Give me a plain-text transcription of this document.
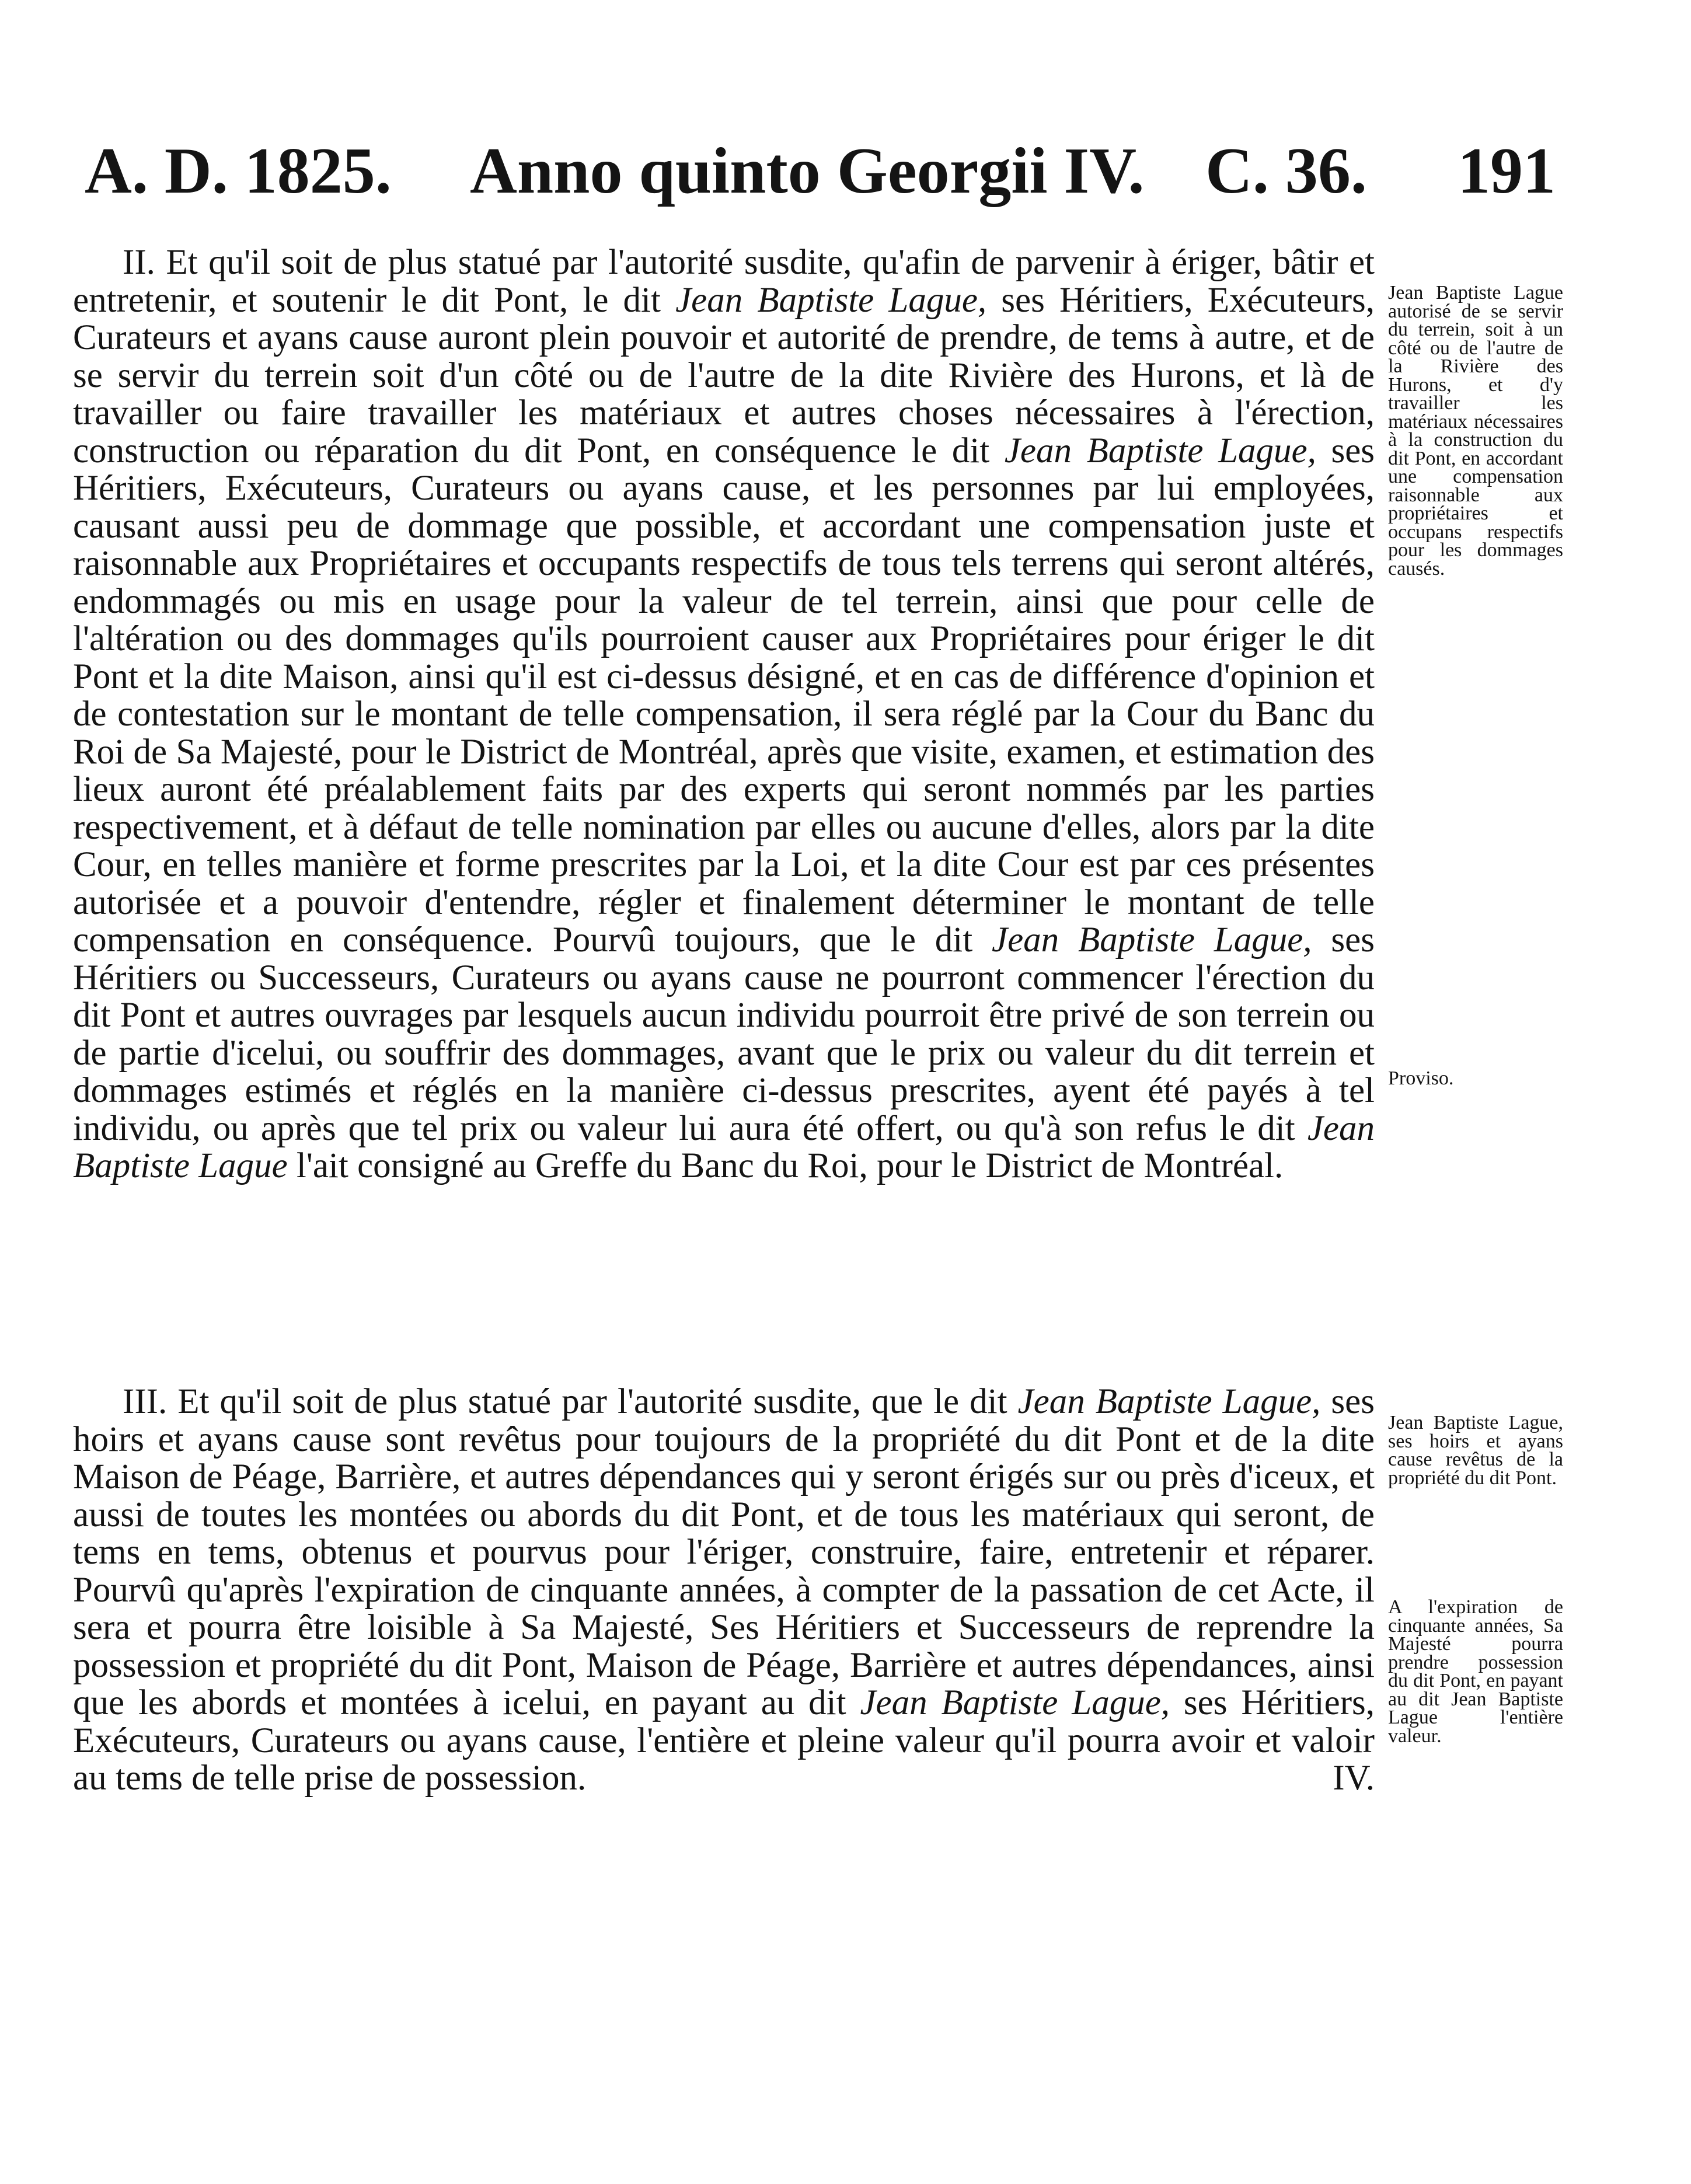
A. D. 1825. Anno quinto Georgii IV. C. 36. 191

II. Et qu'il soit de plus statué par l'autorité susdite, qu'afin de parvenir à ériger, bâtir et entretenir, et soutenir le dit Pont, le dit Jean Baptiste Lague, ses Héritiers, Exécuteurs, Curateurs et ayans cause auront plein pouvoir et autorité de prendre, de tems à autre, et de se servir du terrein soit d'un côté ou de l'autre de la dite Rivière des Hurons, et là de travailler ou faire travailler les matériaux et autres choses nécessaires à l'érection, construction ou réparation du dit Pont, en conséquence le dit Jean Baptiste Lague, ses Héritiers, Exécuteurs, Curateurs ou ayans cause, et les personnes par lui employées, causant aussi peu de dommage que possible, et accordant une compensation juste et raisonnable aux Propriétaires et occupants respectifs de tous tels terrens qui seront altérés, endommagés ou mis en usage pour la valeur de tel terrein, ainsi que pour celle de l'altération ou des dommages qu'ils pourroient causer aux Propriétaires pour ériger le dit Pont et la dite Maison, ainsi qu'il est ci-dessus désigné, et en cas de différence d'opinion et de contestation sur le montant de telle compensation, il sera réglé par la Cour du Banc du Roi de Sa Majesté, pour le District de Montréal, après que visite, examen, et estimation des lieux auront été préalablement faits par des experts qui seront nommés par les parties respectivement, et à défaut de telle nomination par elles ou aucune d'elles, alors par la dite Cour, en telles manière et forme prescrites par la Loi, et la dite Cour est par ces présentes autorisée et a pouvoir d'entendre, régler et finalement déterminer le montant de telle compensation en conséquence. Pourvû toujours, que le dit Jean Baptiste Lague, ses Héritiers ou Successeurs, Curateurs ou ayans cause ne pourront commencer l'érection du dit Pont et autres ouvrages par lesquels aucun individu pourroit être privé de son terrein ou de partie d'icelui, ou souffrir des dommages, avant que le prix ou valeur du dit terrein et dommages estimés et réglés en la manière ci-dessus prescrites, ayent été payés à tel individu, ou après que tel prix ou valeur lui aura été offert, ou qu'à son refus le dit Jean Baptiste Lague l'ait consigné au Greffe du Banc du Roi, pour le District de Montréal.

III. Et qu'il soit de plus statué par l'autorité susdite, que le dit Jean Baptiste Lague, ses hoirs et ayans cause sont revêtus pour toujours de la propriété du dit Pont et de la dite Maison de Péage, Barrière, et autres dépendances qui y seront érigés sur ou près d'iceux, et aussi de toutes les montées ou abords du dit Pont, et de tous les matériaux qui seront, de tems en tems, obtenus et pourvus pour l'ériger, construire, faire, entretenir et réparer. Pourvû qu'après l'expiration de cinquante années, à compter de la passation de cet Acte, il sera et pourra être loisible à Sa Majesté, Ses Héritiers et Successeurs de reprendre la possession et propriété du dit Pont, Maison de Péage, Barrière et autres dépendances, ainsi que les abords et montées à icelui, en payant au dit Jean Baptiste Lague, ses Héritiers, Exécuteurs, Curateurs ou ayans cause, l'entière et pleine valeur qu'il pourra avoir et valoir au tems de telle prise de possession.	IV.

Jean Baptiste Lague autorisé de se servir du terrein, soit à un côté ou de l'autre de la Rivière des Hurons, et d'y travailler les matériaux nécessaires à la construction du dit Pont, en accordant une compensation raisonnable aux propriétaires et occupans respectifs pour les dommages causés.
Proviso.
Jean Baptiste Lague, ses hoirs et ayans cause revêtus de la propriété du dit Pont.
A l'expiration de cinquante années, Sa Majesté pourra prendre possession du dit Pont, en payant au dit Jean Baptiste Lague l'entière valeur.
